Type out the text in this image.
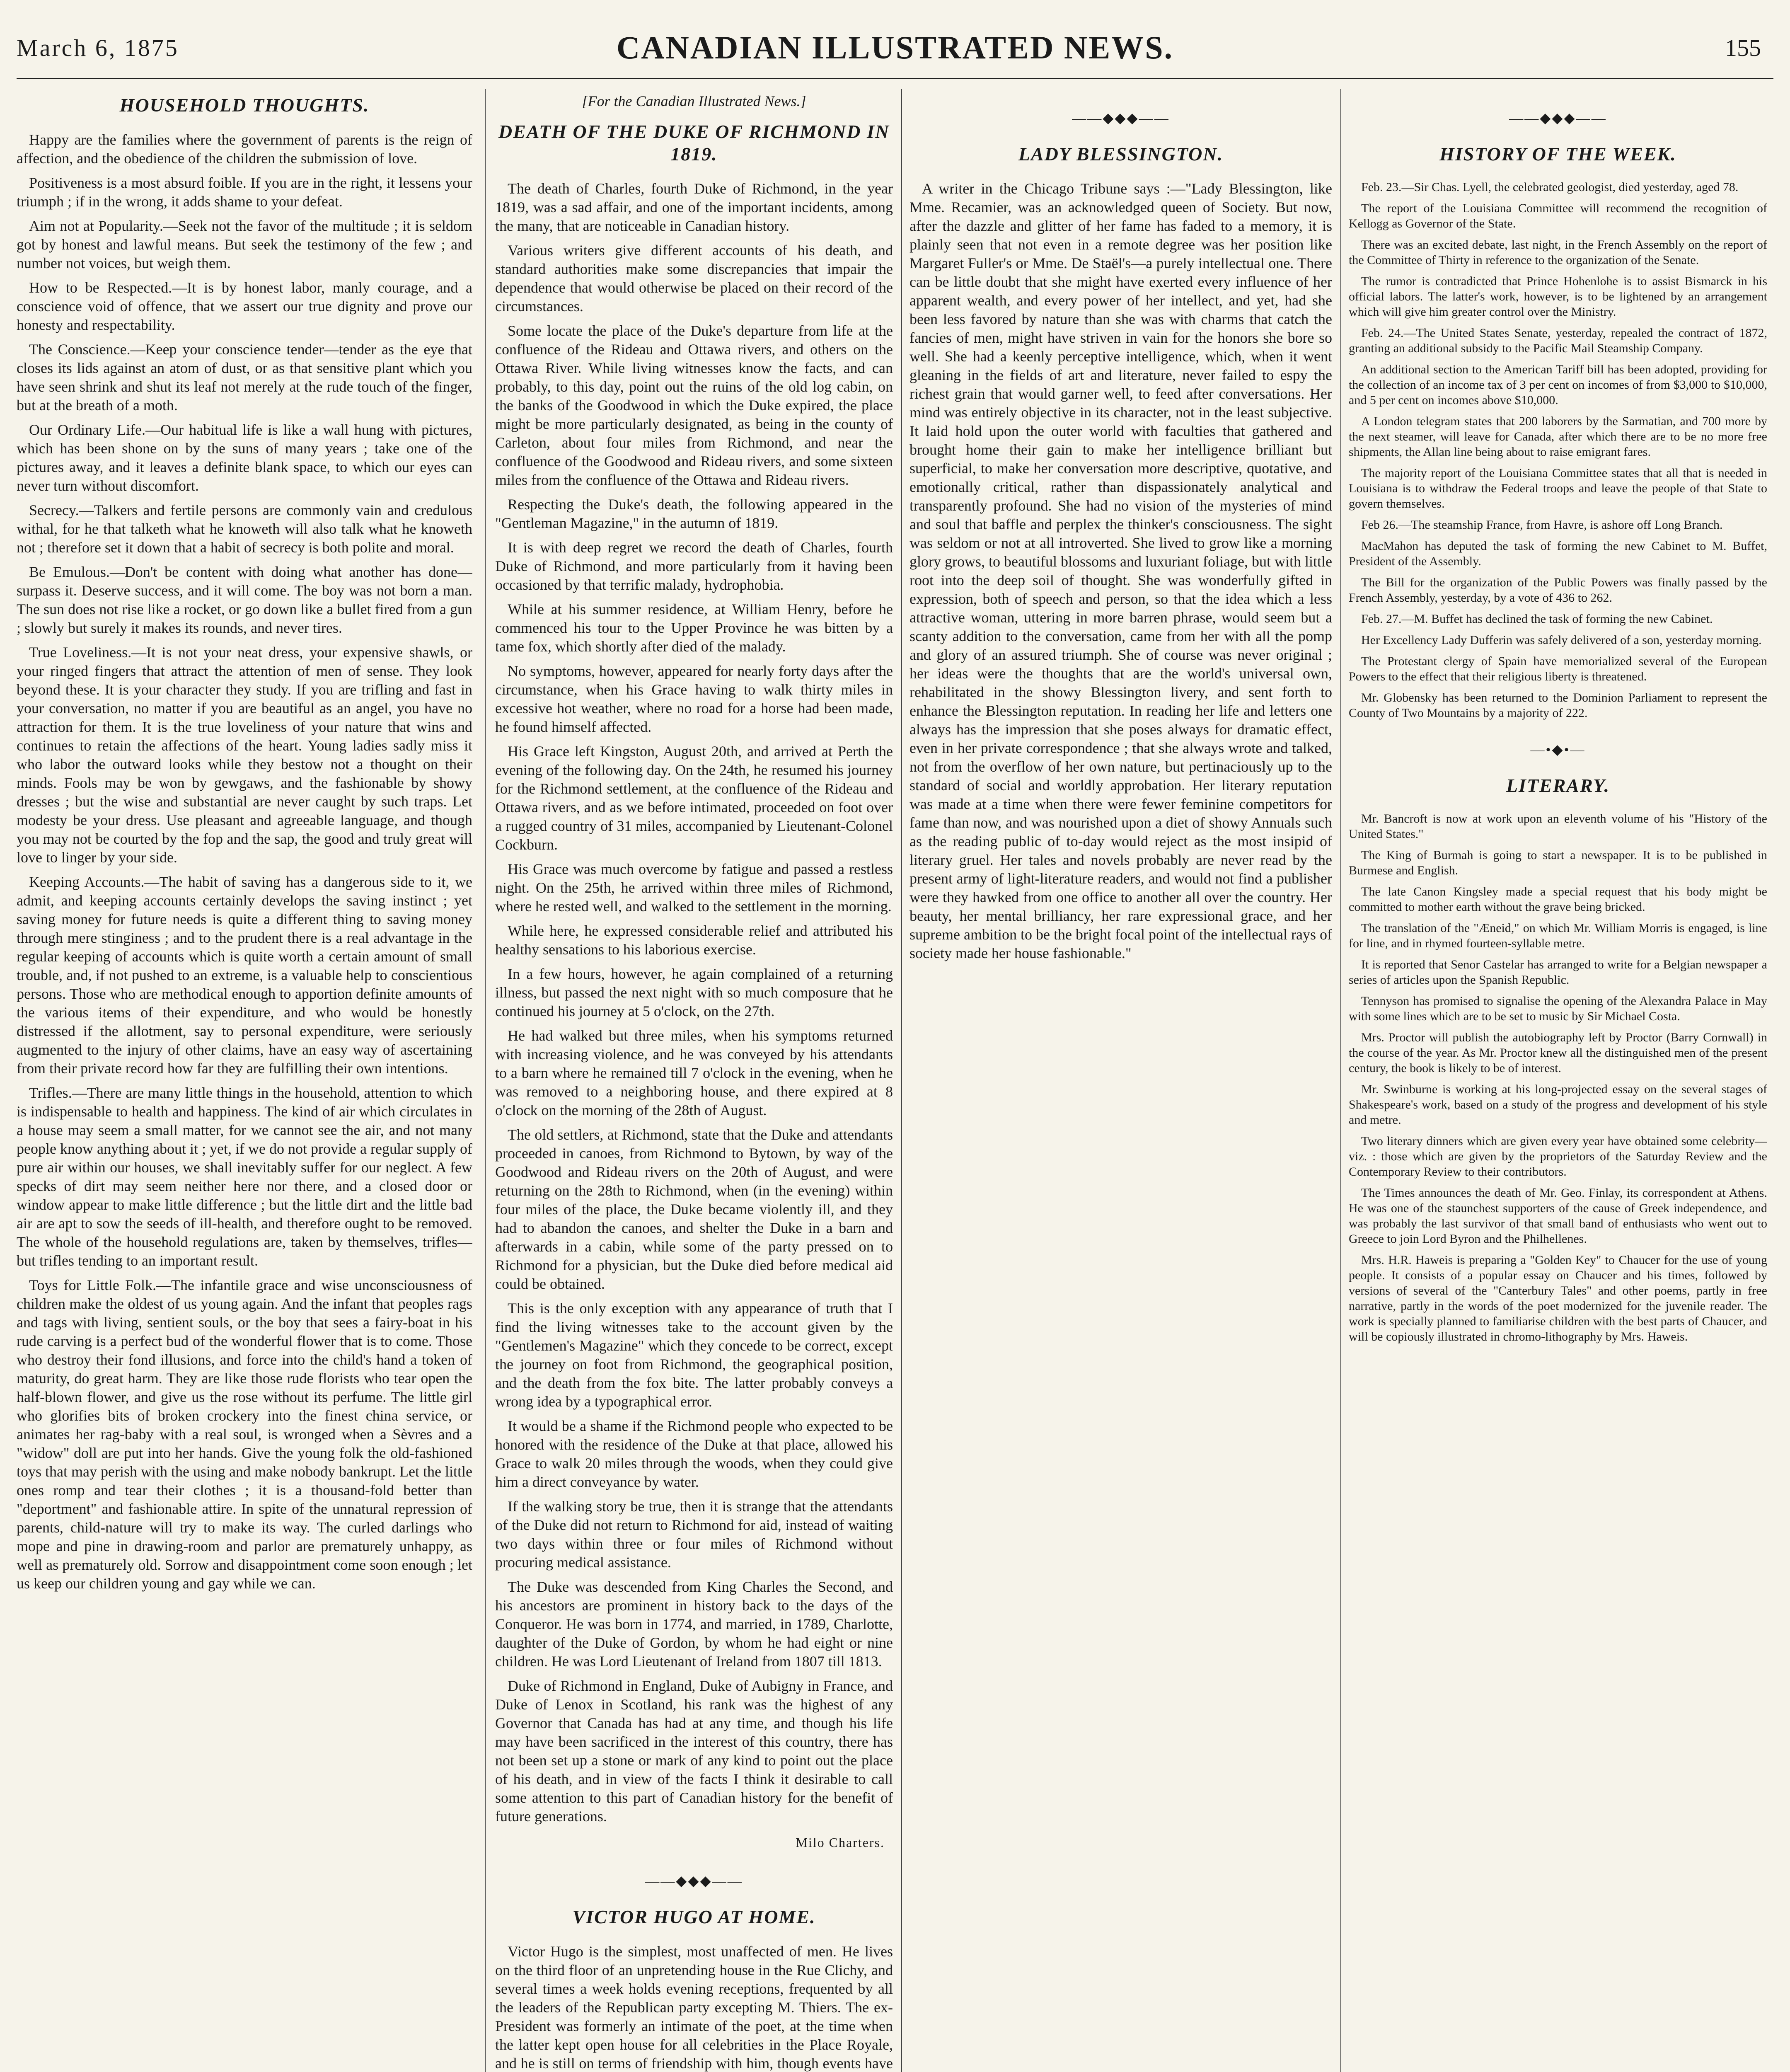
March 6, 1875	CANADIAN ILLUSTRATED NEWS.	155
HOUSEHOLD THOUGHTS.

Happy are the families where the government of parents is the reign of affection, and the obedience of the children the submission of love.

Positiveness is a most absurd foible. If you are in the right, it lessens your triumph ; if in the wrong, it adds shame to your defeat.

Aim not at Popularity.—Seek not the favor of the multitude ; it is seldom got by honest and lawful means. But seek the testimony of the few ; and number not voices, but weigh them.

How to be Respected.—It is by honest labor, manly courage, and a conscience void of offence, that we assert our true dignity and prove our honesty and respectability.

The Conscience.—Keep your conscience tender—tender as the eye that closes its lids against an atom of dust, or as that sensitive plant which you have seen shrink and shut its leaf not merely at the rude touch of the finger, but at the breath of a moth.

Our Ordinary Life.—Our habitual life is like a wall hung with pictures, which has been shone on by the suns of many years ; take one of the pictures away, and it leaves a definite blank space, to which our eyes can never turn without discomfort.

Secrecy.—Talkers and fertile persons are commonly vain and credulous withal, for he that talketh what he knoweth will also talk what he knoweth not ; therefore set it down that a habit of secrecy is both polite and moral.

Be Emulous.—Don't be content with doing what another has done—surpass it. Deserve success, and it will come. The boy was not born a man. The sun does not rise like a rocket, or go down like a bullet fired from a gun ; slowly but surely it makes its rounds, and never tires.

True Loveliness.—It is not your neat dress, your expensive shawls, or your ringed fingers that attract the attention of men of sense. They look beyond these. It is your character they study. If you are trifling and fast in your conversation, no matter if you are beautiful as an angel, you have no attraction for them. It is the true loveliness of your nature that wins and continues to retain the affections of the heart. Young ladies sadly miss it who labor the outward looks while they bestow not a thought on their minds. Fools may be won by gewgaws, and the fashionable by showy dresses ; but the wise and substantial are never caught by such traps. Let modesty be your dress. Use pleasant and agreeable language, and though you may not be courted by the fop and the sap, the good and truly great will love to linger by your side.

Keeping Accounts.—The habit of saving has a dangerous side to it, we admit, and keeping accounts certainly develops the saving instinct ; yet saving money for future needs is quite a different thing to saving money through mere stinginess ; and to the prudent there is a real advantage in the regular keeping of accounts which is quite worth a certain amount of small trouble, and, if not pushed to an extreme, is a valuable help to conscientious persons. Those who are methodical enough to apportion definite amounts of the various items of their expenditure, and who would be honestly distressed if the allotment, say to personal expenditure, were seriously augmented to the injury of other claims, have an easy way of ascertaining from their private record how far they are fulfilling their own intentions.

Trifles.—There are many little things in the household, attention to which is indispensable to health and happiness. The kind of air which circulates in a house may seem a small matter, for we cannot see the air, and not many people know anything about it ; yet, if we do not provide a regular supply of pure air within our houses, we shall inevitably suffer for our neglect. A few specks of dirt may seem neither here nor there, and a closed door or window appear to make little difference ; but the little dirt and the little bad air are apt to sow the seeds of ill-health, and therefore ought to be removed. The whole of the household regulations are, taken by themselves, trifles—but trifles tending to an important result.

Toys for Little Folk.—The infantile grace and wise unconsciousness of children make the oldest of us young again. And the infant that peoples rags and tags with living, sentient souls, or the boy that sees a fairy-boat in his rude carving is a perfect bud of the wonderful flower that is to come. Those who destroy their fond illusions, and force into the child's hand a token of maturity, do great harm. They are like those rude florists who tear open the half-blown flower, and give us the rose without its perfume. The little girl who glorifies bits of broken crockery into the finest china service, or animates her rag-baby with a real soul, is wronged when a Sèvres and a "widow" doll are put into her hands. Give the young folk the old-fashioned toys that may perish with the using and make nobody bankrupt. Let the little ones romp and tear their clothes ; it is a thousand-fold better than "deportment" and fashionable attire. In spite of the unnatural repression of parents, child-nature will try to make its way. The curled darlings who mope and pine in drawing-room and parlor are prematurely unhappy, as well as prematurely old. Sorrow and disappointment come soon enough ; let us keep our children young and gay while we can.

[For the Canadian Illustrated News.]
DEATH OF THE DUKE OF RICHMOND IN 1819.

The death of Charles, fourth Duke of Richmond, in the year 1819, was a sad affair, and one of the important incidents, among the many, that are noticeable in Canadian history.

Various writers give different accounts of his death, and standard authorities make some discrepancies that impair the dependence that would otherwise be placed on their record of the circumstances.

Some locate the place of the Duke's departure from life at the confluence of the Rideau and Ottawa rivers, and others on the Ottawa River. While living witnesses know the facts, and can probably, to this day, point out the ruins of the old log cabin, on the banks of the Goodwood in which the Duke expired, the place might be more particularly designated, as being in the county of Carleton, about four miles from Richmond, and near the confluence of the Goodwood and Rideau rivers, and some sixteen miles from the confluence of the Ottawa and Rideau rivers.

Respecting the Duke's death, the following appeared in the "Gentleman Magazine," in the autumn of 1819.

It is with deep regret we record the death of Charles, fourth Duke of Richmond, and more particularly from it having been occasioned by that terrific malady, hydrophobia.

While at his summer residence, at William Henry, before he commenced his tour to the Upper Province he was bitten by a tame fox, which shortly after died of the malady.

No symptoms, however, appeared for nearly forty days after the circumstance, when his Grace having to walk thirty miles in excessive hot weather, where no road for a horse had been made, he found himself affected.

His Grace left Kingston, August 20th, and arrived at Perth the evening of the following day. On the 24th, he resumed his journey for the Richmond settlement, at the confluence of the Rideau and Ottawa rivers, and as we before intimated, proceeded on foot over a rugged country of 31 miles, accompanied by Lieutenant-Colonel Cockburn.

His Grace was much overcome by fatigue and passed a restless night. On the 25th, he arrived within three miles of Richmond, where he rested well, and walked to the settlement in the morning.

While here, he expressed considerable relief and attributed his healthy sensations to his laborious exercise.

In a few hours, however, he again complained of a returning illness, but passed the next night with so much composure that he continued his journey at 5 o'clock, on the 27th.

He had walked but three miles, when his symptoms returned with increasing violence, and he was conveyed by his attendants to a barn where he remained till 7 o'clock in the evening, when he was removed to a neighboring house, and there expired at 8 o'clock on the morning of the 28th of August.

The old settlers, at Richmond, state that the Duke and attendants proceeded in canoes, from Richmond to Bytown, by way of the Goodwood and Rideau rivers on the 20th of August, and were returning on the 28th to Richmond, when (in the evening) within four miles of the place, the Duke became violently ill, and they had to abandon the canoes, and shelter the Duke in a barn and afterwards in a cabin, while some of the party pressed on to Richmond for a physician, but the Duke died before medical aid could be obtained.

This is the only exception with any appearance of truth that I find the living witnesses take to the account given by the "Gentlemen's Magazine" which they concede to be correct, except the journey on foot from Richmond, the geographical position, and the death from the fox bite. The latter probably conveys a wrong idea by a typographical error.

It would be a shame if the Richmond people who expected to be honored with the residence of the Duke at that place, allowed his Grace to walk 20 miles through the woods, when they could give him a direct conveyance by water.

If the walking story be true, then it is strange that the attendants of the Duke did not return to Richmond for aid, instead of waiting two days within three or four miles of Richmond without procuring medical assistance.

The Duke was descended from King Charles the Second, and his ancestors are prominent in history back to the days of the Conqueror. He was born in 1774, and married, in 1789, Charlotte, daughter of the Duke of Gordon, by whom he had eight or nine children. He was Lord Lieutenant of Ireland from 1807 till 1813.

Duke of Richmond in England, Duke of Aubigny in France, and Duke of Lenox in Scotland, his rank was the highest of any Governor that Canada has had at any time, and though his life may have been sacrificed in the interest of this country, there has not been set up a stone or mark of any kind to point out the place of his death, and in view of the facts I think it desirable to call some attention to this part of Canadian history for the benefit of future generations.

Milo Charters.

——◆◆◆——
VICTOR HUGO AT HOME.

Victor Hugo is the simplest, most unaffected of men. He lives on the third floor of an unpretending house in the Rue Clichy, and several times a week holds evening receptions, frequented by all the leaders of the Republican party excepting M. Thiers. The ex-President was formerly an intimate of the poet, at the time when the latter kept open house for all celebrities in the Place Royale, and he is still on terms of friendship with him, though events have

——◆◆◆——
LADY BLESSINGTON.

A writer in the Chicago Tribune says :—"Lady Blessington, like Mme. Recamier, was an acknowledged queen of Society. But now, after the dazzle and glitter of her fame has faded to a memory, it is plainly seen that not even in a remote degree was her position like Margaret Fuller's or Mme. De Staël's—a purely intellectual one. There can be little doubt that she might have exerted every influence of her apparent wealth, and every power of her intellect, and yet, had she been less favored by nature than she was with charms that catch the fancies of men, might have striven in vain for the honors she bore so well. She had a keenly perceptive intelligence, which, when it went gleaning in the fields of art and literature, never failed to espy the richest grain that would garner well, to feed after conversations. Her mind was entirely objective in its character, not in the least subjective. It laid hold upon the outer world with faculties that gathered and brought home their gain to make her intelligence brilliant but superficial, to make her conversation more descriptive, quotative, and emotionally critical, rather than dispassionately analytical and transparently profound. She had no vision of the mysteries of mind and soul that baffle and perplex the thinker's consciousness. The sight was seldom or not at all introverted. She lived to grow like a morning glory grows, to beautiful blossoms and luxuriant foliage, but with little root into the deep soil of thought. She was wonderfully gifted in expression, both of speech and person, so that the idea which a less attractive woman, uttering in more barren phrase, would seem but a scanty addition to the conversation, came from her with all the pomp and glory of an assured triumph. She of course was never original ; her ideas were the thoughts that are the world's universal own, rehabilitated in the showy Blessington livery, and sent forth to enhance the Blessington reputation. In reading her life and letters one always has the impression that she poses always for dramatic effect, even in her private correspondence ; that she always wrote and talked, not from the overflow of her own nature, but pertinaciously up to the standard of social and worldly approbation. Her literary reputation was made at a time when there were fewer feminine competitors for fame than now, and was nourished upon a diet of showy Annuals such as the reading public of to-day would reject as the most insipid of literary gruel. Her tales and novels probably are never read by the present army of light-literature readers, and would not find a publisher were they hawked from one office to another all over the country. Her beauty, her mental brilliancy, her rare expressional grace, and her supreme ambition to be the bright focal point of the intellectual rays of society made her house fashionable."

——◆◆◆——
HISTORY OF THE WEEK.

Feb. 23.—Sir Chas. Lyell, the celebrated geologist, died yesterday, aged 78.

The report of the Louisiana Committee will recommend the recognition of Kellogg as Governor of the State.

There was an excited debate, last night, in the French Assembly on the report of the Committee of Thirty in reference to the organization of the Senate.

The rumor is contradicted that Prince Hohenlohe is to assist Bismarck in his official labors. The latter's work, however, is to be lightened by an arrangement which will give him greater control over the Ministry.

Feb. 24.—The United States Senate, yesterday, repealed the contract of 1872, granting an additional subsidy to the Pacific Mail Steamship Company.

An additional section to the American Tariff bill has been adopted, providing for the collection of an income tax of 3 per cent on incomes of from $3,000 to $10,000, and 5 per cent on incomes above $10,000.

A London telegram states that 200 laborers by the Sarmatian, and 700 more by the next steamer, will leave for Canada, after which there are to be no more free shipments, the Allan line being about to raise emigrant fares.

The majority report of the Louisiana Committee states that all that is needed in Louisiana is to withdraw the Federal troops and leave the people of that State to govern themselves.

Feb 26.—The steamship France, from Havre, is ashore off Long Branch.

MacMahon has deputed the task of forming the new Cabinet to M. Buffet, President of the Assembly.

The Bill for the organization of the Public Powers was finally passed by the French Assembly, yesterday, by a vote of 436 to 262.

Feb. 27.—M. Buffet has declined the task of forming the new Cabinet.

Her Excellency Lady Dufferin was safely delivered of a son, yesterday morning.

The Protestant clergy of Spain have memorialized several of the European Powers to the effect that their religious liberty is threatened.

Mr. Globensky has been returned to the Dominion Parliament to represent the County of Two Mountains by a majority of 222.

—•◆•—
LITERARY.

Mr. Bancroft is now at work upon an eleventh volume of his "History of the United States."

The King of Burmah is going to start a newspaper. It is to be published in Burmese and English.

The late Canon Kingsley made a special request that his body might be committed to mother earth without the grave being bricked.

The translation of the "Æneid," on which Mr. William Morris is engaged, is line for line, and in rhymed fourteen-syllable metre.

It is reported that Senor Castelar has arranged to write for a Belgian newspaper a series of articles upon the Spanish Republic.

Tennyson has promised to signalise the opening of the Alexandra Palace in May with some lines which are to be set to music by Sir Michael Costa.

Mrs. Proctor will publish the autobiography left by Proctor (Barry Cornwall) in the course of the year. As Mr. Proctor knew all the distinguished men of the present century, the book is likely to be of interest.

Mr. Swinburne is working at his long-projected essay on the several stages of Shakespeare's work, based on a study of the progress and development of his style and metre.

Two literary dinners which are given every year have obtained some celebrity—viz. : those which are given by the proprietors of the Saturday Review and the Contemporary Review to their contributors.

The Times announces the death of Mr. Geo. Finlay, its correspondent at Athens. He was one of the staunchest supporters of the cause of Greek independence, and was probably the last survivor of that small band of enthusiasts who went out to Greece to join Lord Byron and the Philhellenes.

Mrs. H.R. Haweis is preparing a "Golden Key" to Chaucer for the use of young people. It consists of a popular essay on Chaucer and his times, followed by versions of several of the "Canterbury Tales" and other poems, partly in free narrative, partly in the words of the poet modernized for the juvenile reader. The work is specially planned to familiarise children with the best parts of Chaucer, and will be copiously illustrated in chromo-lithography by Mrs. Haweis.
